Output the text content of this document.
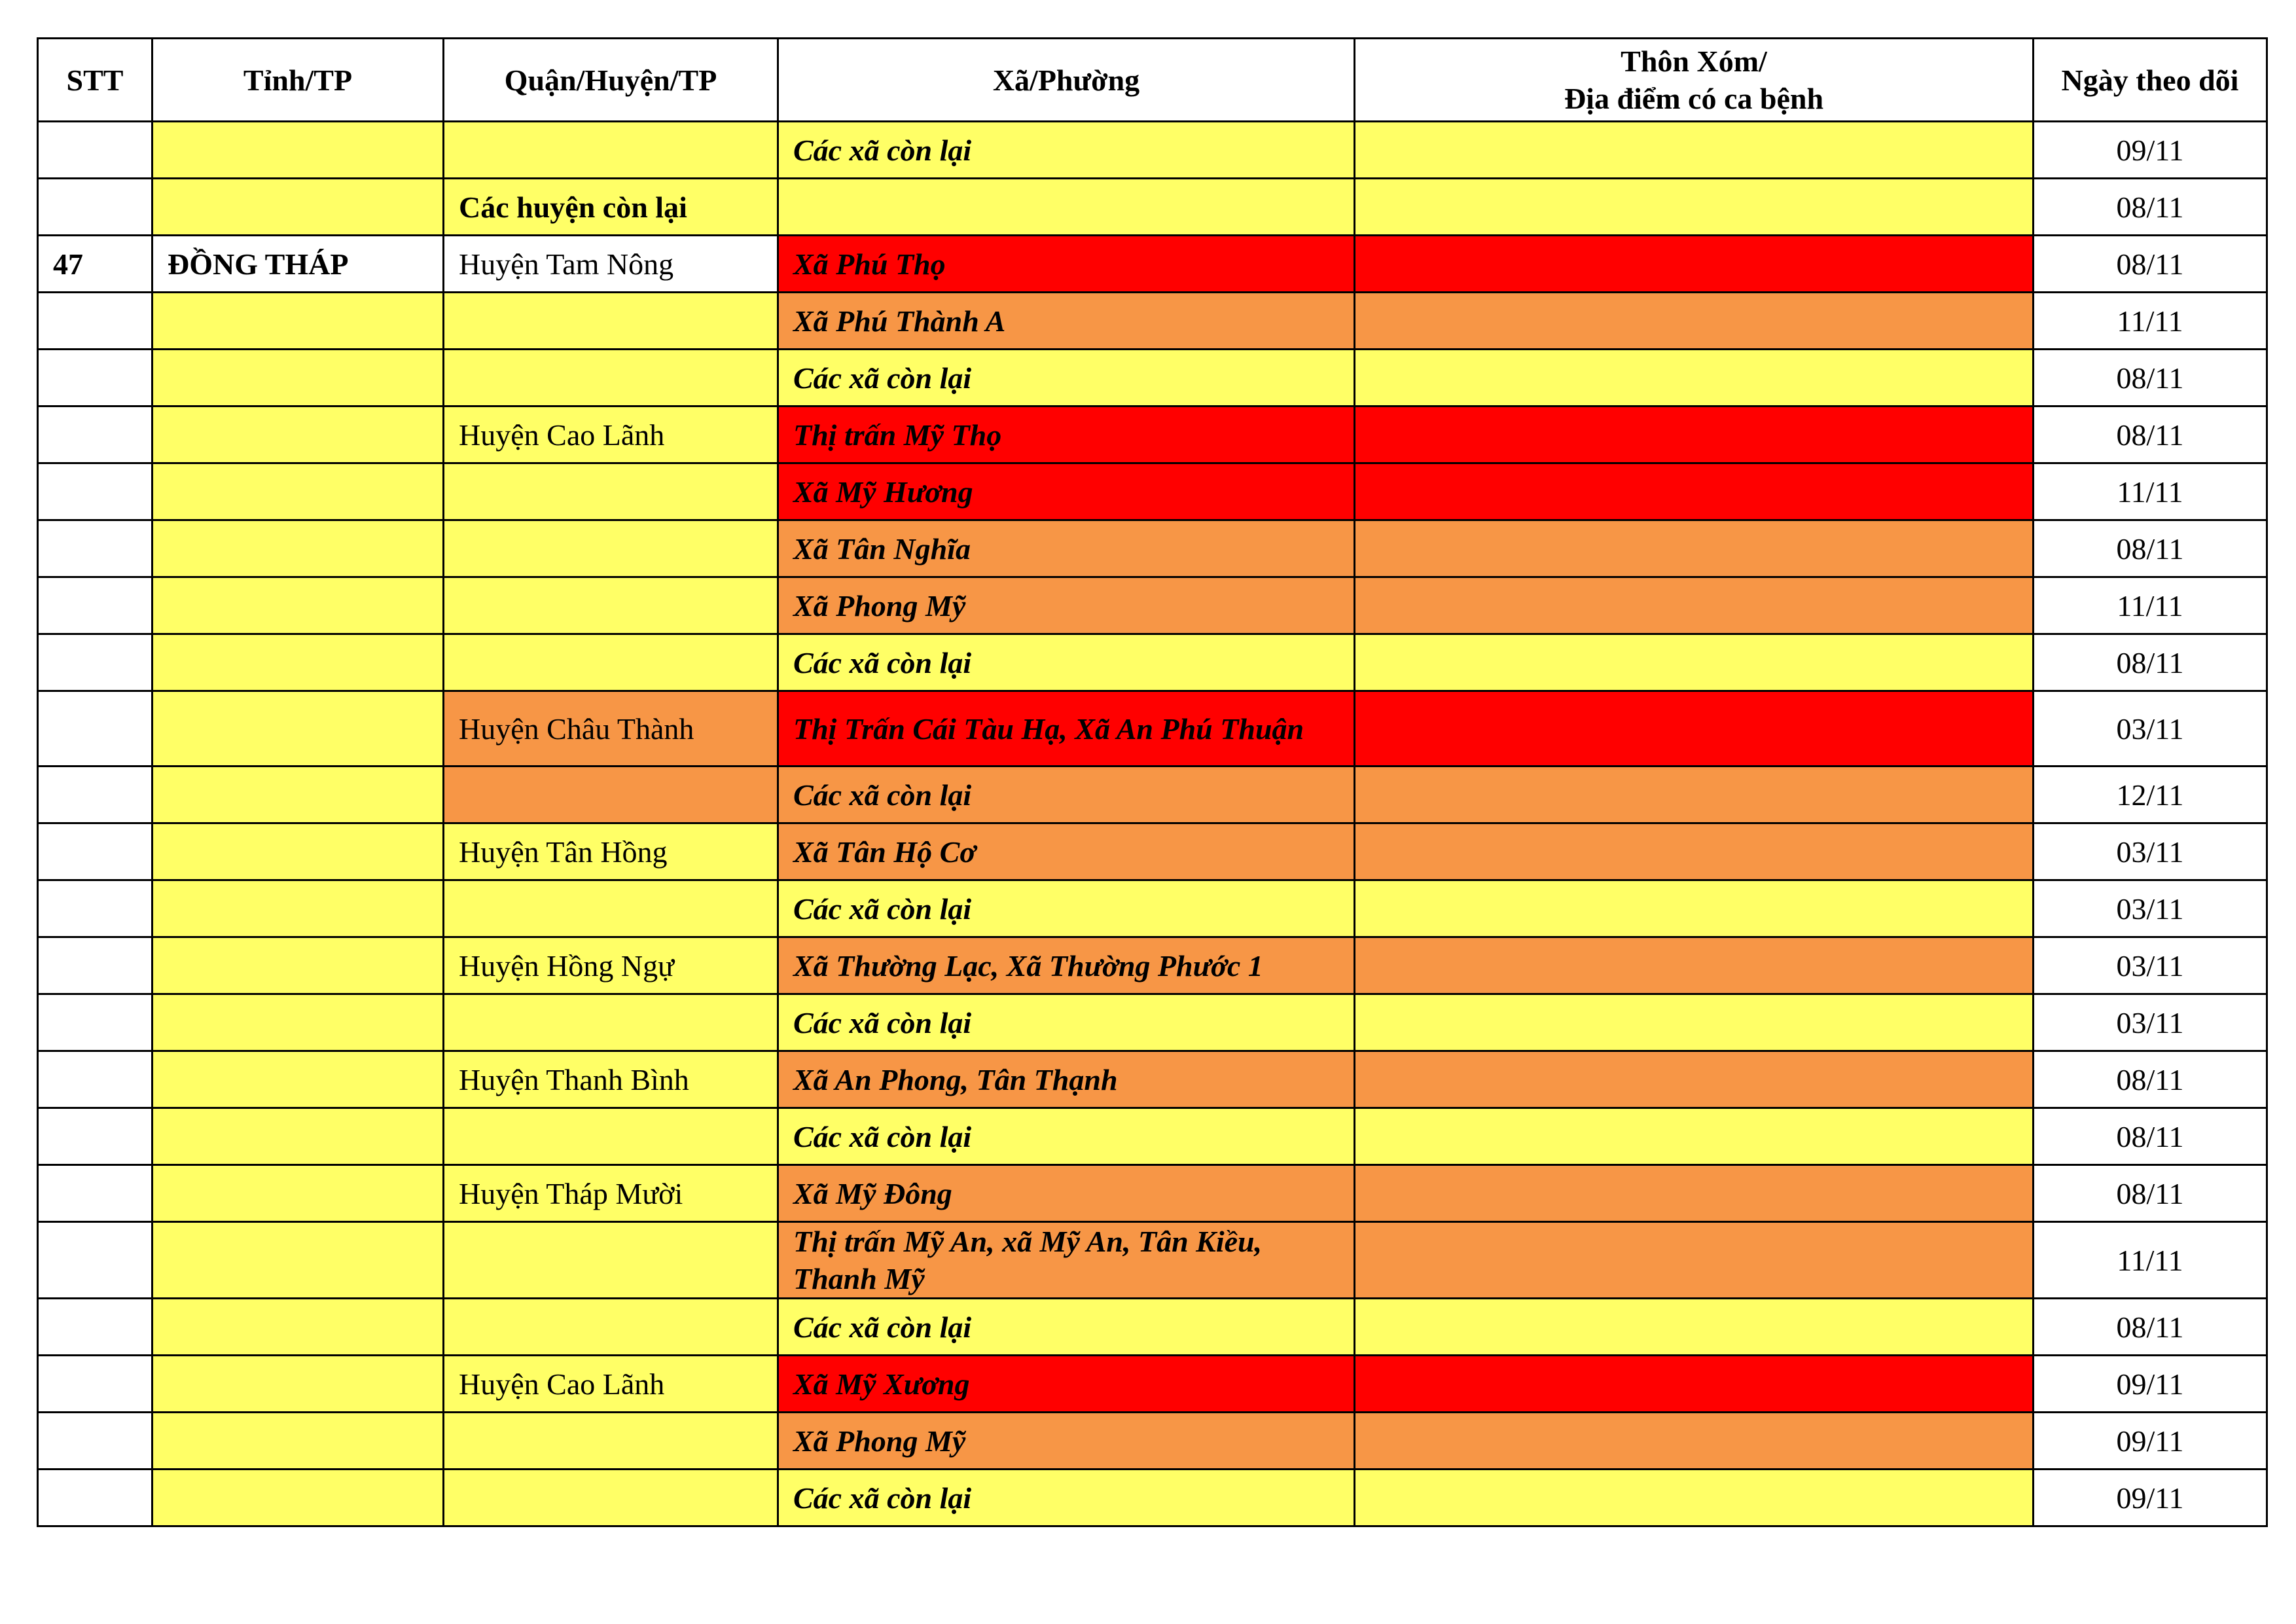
STT	Tỉnh/TP	Quận/Huyện/TP	Xã/Phường	Thôn Xóm/
Địa điểm có ca bệnh	Ngày theo dõi
			Các xã còn lại		09/11
		Các huyện còn lại			08/11
47	ĐỒNG THÁP	Huyện Tam Nông	Xã Phú Thọ		08/11
			Xã Phú Thành A		11/11
			Các xã còn lại		08/11
		Huyện Cao Lãnh	Thị trấn Mỹ Thọ		08/11
			Xã Mỹ Hương		11/11
			Xã Tân Nghĩa		08/11
			Xã Phong Mỹ		11/11
			Các xã còn lại		08/11
		Huyện Châu Thành	Thị Trấn Cái Tàu Hạ, Xã An Phú Thuận		03/11
			Các xã còn lại		12/11
		Huyện Tân Hồng	Xã Tân Hộ Cơ		03/11
			Các xã còn lại		03/11
		Huyện Hồng Ngự	Xã Thường Lạc, Xã Thường Phước 1		03/11
			Các xã còn lại		03/11
		Huyện Thanh Bình	Xã An Phong, Tân Thạnh		08/11
			Các xã còn lại		08/11
		Huyện Tháp Mười	Xã Mỹ Đông		08/11
			Thị trấn Mỹ An, xã Mỹ An, Tân Kiều, Thanh Mỹ		11/11
			Các xã còn lại		08/11
		Huyện Cao Lãnh	Xã Mỹ Xương		09/11
			Xã Phong Mỹ		09/11
			Các xã còn lại		09/11
